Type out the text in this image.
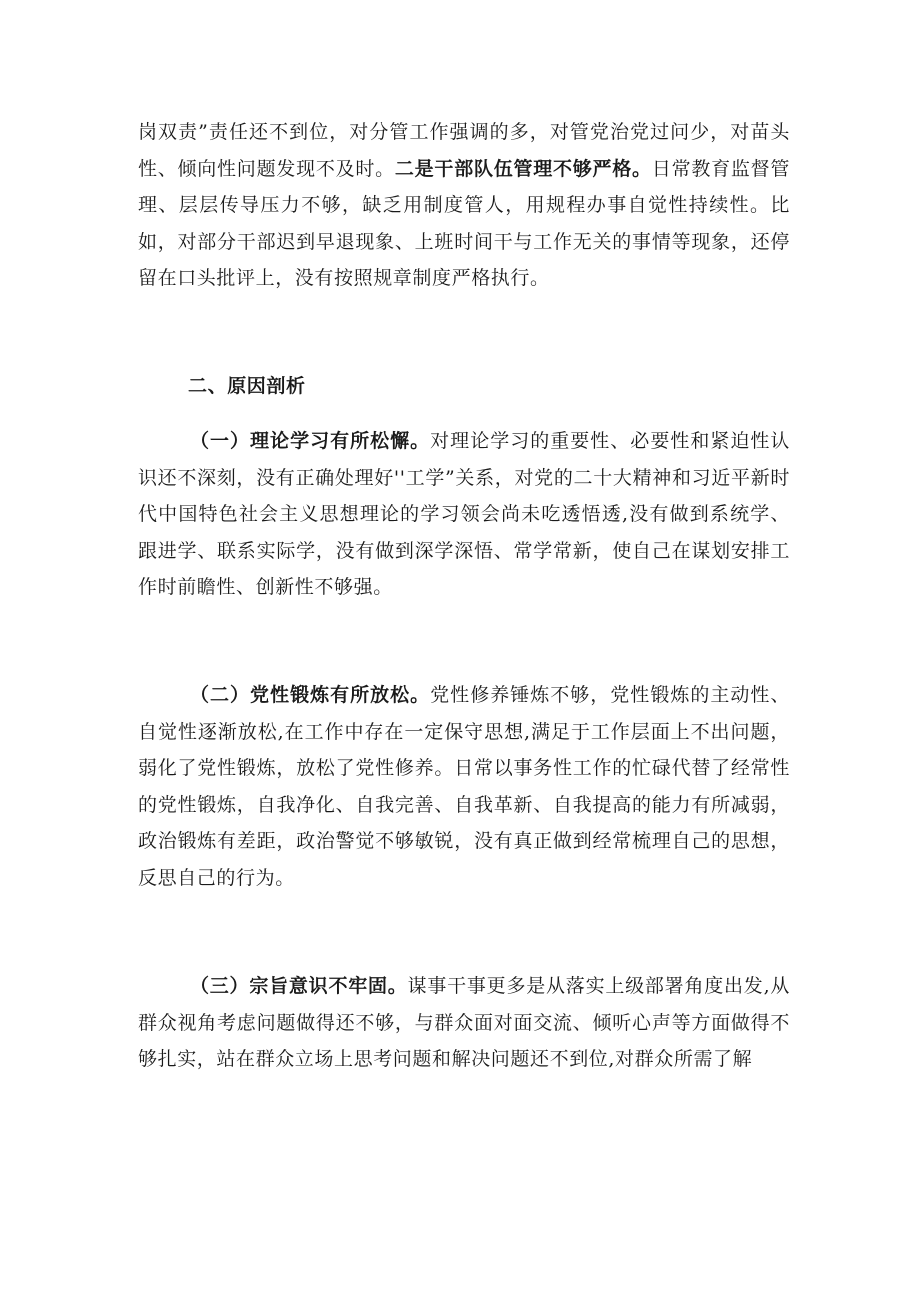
岗双责”责任还不到位，对分管工作强调的多，对管党治党过问少，对苗头性、倾向性问题发现不及时。二是干部队伍管理不够严格。日常教育监督管理、层层传导压力不够，缺乏用制度管人，用规程办事自觉性持续性。比如，对部分干部迟到早退现象、上班时间干与工作无关的事情等现象，还停留在口头批评上，没有按照规章制度严格执行。

二、原因剖析

（一）理论学习有所松懈。对理论学习的重要性、必要性和紧迫性认识还不深刻，没有正确处理好''工学”关系，对党的二十大精神和习近平新时代中国特色社会主义思想理论的学习领会尚未吃透悟透,没有做到系统学、跟进学、联系实际学，没有做到深学深悟、常学常新，使自己在谋划安排工作时前瞻性、创新性不够强。

（二）党性锻炼有所放松。党性修养锤炼不够，党性锻炼的主动性、自觉性逐渐放松,在工作中存在一定保守思想,满足于工作层面上不出问题，弱化了党性锻炼，放松了党性修养。日常以事务性工作的忙碌代替了经常性的党性锻炼，自我净化、自我完善、自我革新、自我提高的能力有所减弱，政治锻炼有差距，政治警觉不够敏锐，没有真正做到经常梳理自己的思想，反思自己的行为。

（三）宗旨意识不牢固。谋事干事更多是从落实上级部署角度出发,从群众视角考虑问题做得还不够，与群众面对面交流、倾听心声等方面做得不够扎实，站在群众立场上思考问题和解决问题还不到位,对群众所需了解
